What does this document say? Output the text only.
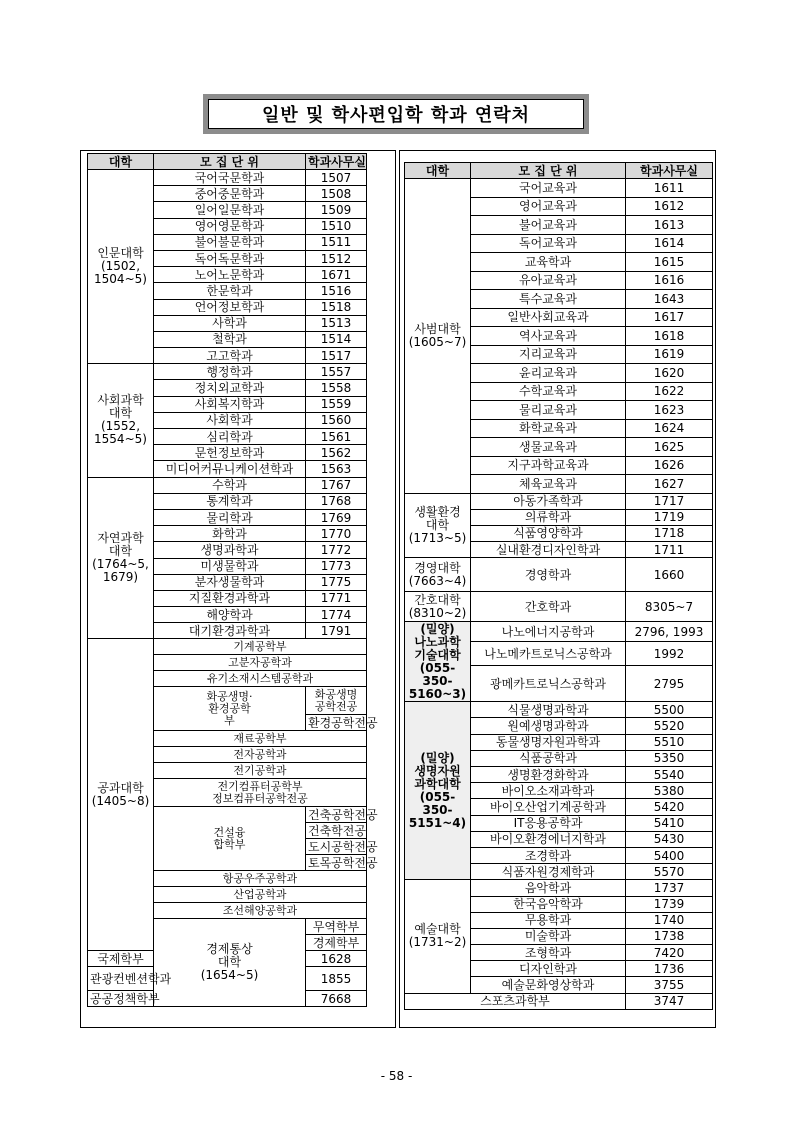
일반 및 학사편입학 학과 연락처
대학	모 집 단 위	학과사무실	
인문대학
(1502,
1504~5)	국어국문학과	1507	
	중어중문학과	1508	
	일어일문학과	1509	
	영어영문학과	1510	
	불어불문학과	1511	
	독어독문학과	1512	
	노어노문학과	1671	
	한문학과	1516	
	언어정보학과	1518	
	사학과	1513	
	철학과	1514	
	고고학과	1517	
사회과학
대학
(1552,
1554~5)	행정학과	1557	
	정치외교학과	1558	
	사회복지학과	1559	
	사회학과	1560	
	심리학과	1561	
	문헌정보학과	1562	
	미디어커뮤니케이션학과	1563	
자연과학
대학
(1764~5,
1679)	수학과	1767	
	통계학과	1768	
	물리학과	1769	
	화학과	1770	
	생명과학과	1772	
	미생물학과	1773	
	분자생물학과	1775	
	지질환경과학과	1771	
	해양학과	1774	
	대기환경과학과	1791	
공과대학
(1405~8)	기계공학부	
	고분자공학과	
	유기소재시스템공학과	
	화공생명·
환경공학
부	화공생명
공학전공	
		환경공학전공	
	재료공학부	
	전자공학과	
	전기공학과	
	전기컴퓨터공학부
정보컴퓨터공학전공	
	건설융
합학부	건축공학전공	
		건축학전공	
		도시공학전공	
		토목공학전공	
	항공우주공학과	
	산업공학과	
	조선해양공학과	
	경제통상
대학
(1654~5)	무역학부	
		경제학부	
국제학부		1628	
관광컨벤션학과		1855	
공공정책학부		7668	
대학	모 집 단 위	학과사무실
사범대학
(1605~7)	국어교육과	1611
	영어교육과	1612
	불어교육과	1613
	독어교육과	1614
	교육학과	1615
	유아교육과	1616
	특수교육과	1643
	일반사회교육과	1617
	역사교육과	1618
	지리교육과	1619
	윤리교육과	1620
	수학교육과	1622
	물리교육과	1623
	화학교육과	1624
	생물교육과	1625
	지구과학교육과	1626
	체육교육과	1627
생활환경
대학
(1713~5)	아동가족학과	1717
	의류학과	1719
	식품영양학과	1718
	실내환경디자인학과	1711
경영대학
(7663~4)	경영학과	1660
간호대학
(8310~2)	간호학과	8305~7
(밀양)
나노과학
기술대학
(055-350-
5160~3)	나노에너지공학과	2796, 1993
	나노메카트로닉스공학과	1992
	광메카트로닉스공학과	2795
(밀양)
생명자원
과학대학
(055-350-
5151~4)	식물생명과학과	5500
	원예생명과학과	5520
	동물생명자원과학과	5510
	식품공학과	5350
	생명환경화학과	5540
	바이오소재과학과	5380
	바이오산업기계공학과	5420
	IT응용공학과	5410
	바이오환경에너지학과	5430
	조경학과	5400
	식품자원경제학과	5570
예술대학
(1731~2)	음악학과	1737
	한국음악학과	1739
	무용학과	1740
	미술학과	1738
	조형학과	7420
	디자인학과	1736
	예술문화영상학과	3755
스포츠과학부		3747
- 58 -
